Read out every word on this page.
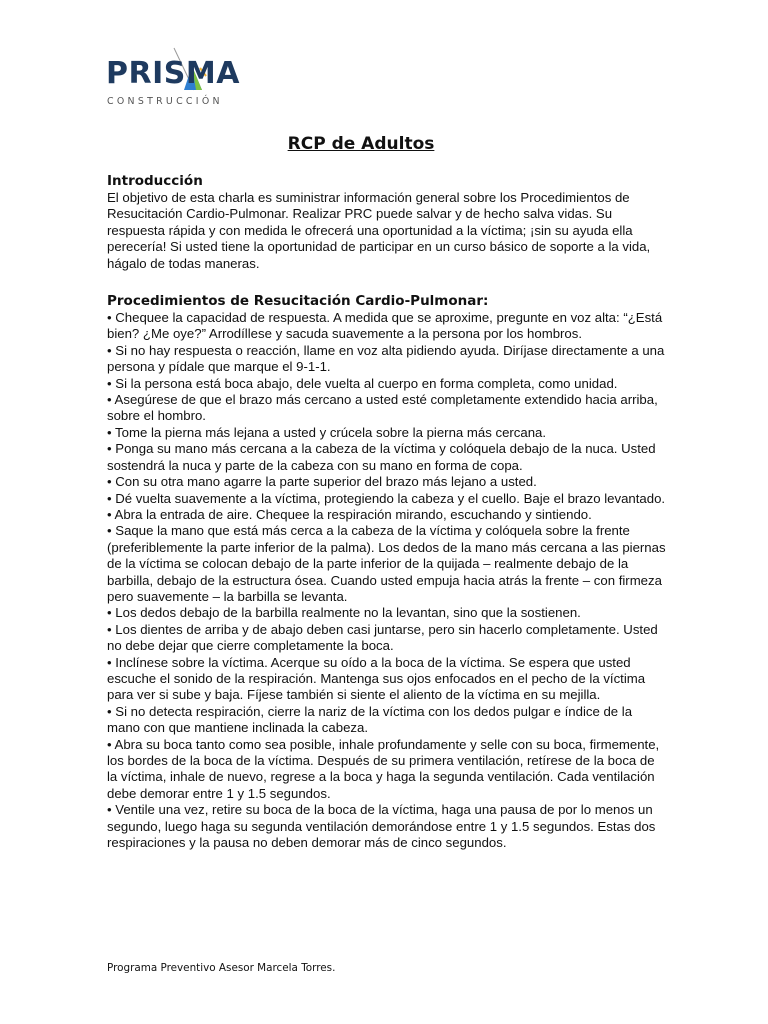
PRISMA
CONSTRUCCIÓN
RCP de Adultos
Introducción
El objetivo de esta charla es suministrar información general sobre los Procedimientos de Resucitación Cardio-Pulmonar. Realizar PRC puede salvar y de hecho salva vidas. Su respuesta rápida y con medida le ofrecerá una oportunidad a la víctima; ¡sin su ayuda ella perecería! Si usted tiene la oportunidad de participar en un curso básico de soporte a la vida, hágalo de todas maneras.
Procedimientos de Resucitación Cardio-Pulmonar:
• Chequee la capacidad de respuesta. A medida que se aproxime, pregunte en voz alta: “¿Está bien? ¿Me oye?” Arrodíllese y sacuda suavemente a la persona por los hombros.
• Si no hay respuesta o reacción, llame en voz alta pidiendo ayuda. Diríjase directamente a una persona y pídale que marque el 9-1-1.
• Si la persona está boca abajo, dele vuelta al cuerpo en forma completa, como unidad.
• Asegúrese de que el brazo más cercano a usted esté completamente extendido hacia arriba, sobre el hombro.
• Tome la pierna más lejana a usted y crúcela sobre la pierna más cercana.
• Ponga su mano más cercana a la cabeza de la víctima y colóquela debajo de la nuca. Usted sostendrá la nuca y parte de la cabeza con su mano en forma de copa.
• Con su otra mano agarre la parte superior del brazo más lejano a usted.
• Dé vuelta suavemente a la víctima, protegiendo la cabeza y el cuello. Baje el brazo levantado.
• Abra la entrada de aire. Chequee la respiración mirando, escuchando y sintiendo.
• Saque la mano que está más cerca a la cabeza de la víctima y colóquela sobre la frente (preferiblemente la parte inferior de la palma). Los dedos de la mano más cercana a las piernas de la víctima se colocan debajo de la parte inferior de la quijada – realmente debajo de la barbilla, debajo de la estructura ósea. Cuando usted empuja hacia atrás la frente – con firmeza pero suavemente – la barbilla se levanta.
• Los dedos debajo de la barbilla realmente no la levantan, sino que la sostienen.
• Los dientes de arriba y de abajo deben casi juntarse, pero sin hacerlo completamente. Usted no debe dejar que cierre completamente la boca.
• Inclínese sobre la víctima. Acerque su oído a la boca de la víctima. Se espera que usted escuche el sonido de la respiración. Mantenga sus ojos enfocados en el pecho de la víctima para ver si sube y baja. Fíjese también si siente el aliento de la víctima en su mejilla.
• Si no detecta respiración, cierre la nariz de la víctima con los dedos pulgar e índice de la mano con que mantiene inclinada la cabeza.
• Abra su boca tanto como sea posible, inhale profundamente y selle con su boca, firmemente, los bordes de la boca de la víctima. Después de su primera ventilación, retírese de la boca de la víctima, inhale de nuevo, regrese a la boca y haga la segunda ventilación. Cada ventilación debe demorar entre 1 y 1.5 segundos.
• Ventile una vez, retire su boca de la boca de la víctima, haga una pausa de por lo menos un segundo, luego haga su segunda ventilación demorándose entre 1 y 1.5 segundos. Estas dos respiraciones y la pausa no deben demorar más de cinco segundos.
Programa Preventivo Asesor Marcela Torres.
